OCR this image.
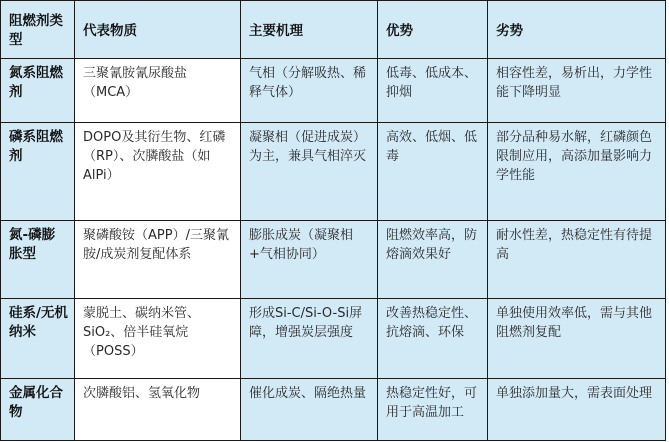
阻燃剂类型	代表物质	主要机理	优势	劣势
氮系阻燃剂	三聚氰胺氰尿酸盐（MCA）	气相（分解吸热、稀释气体）	低毒、低成本、抑烟	相容性差，易析出，力学性能下降明显
磷系阻燃剂	DOPO及其衍生物、红磷（RP）、次膦酸盐（如AlPi）	凝聚相（促进成炭）为主，兼具气相淬灭	高效、低烟、低毒	部分品种易水解，红磷颜色限制应用，高添加量影响力学性能
氮-磷膨胀型	聚磷酸铵（APP）/三聚氰胺/成炭剂复配体系	膨胀成炭（凝聚相+气相协同）	阻燃效率高，防熔滴效果好	耐水性差，热稳定性有待提高
硅系/无机纳米	蒙脱土、碳纳米管、SiO₂、倍半硅氧烷（POSS）	形成Si-C/Si-O-Si屏障，增强炭层强度	改善热稳定性、抗熔滴、环保	单独使用效率低，需与其他阻燃剂复配
金属化合物	次膦酸铝、氢氧化物	催化成炭、隔绝热量	热稳定性好，可用于高温加工	单独添加量大，需表面处理
